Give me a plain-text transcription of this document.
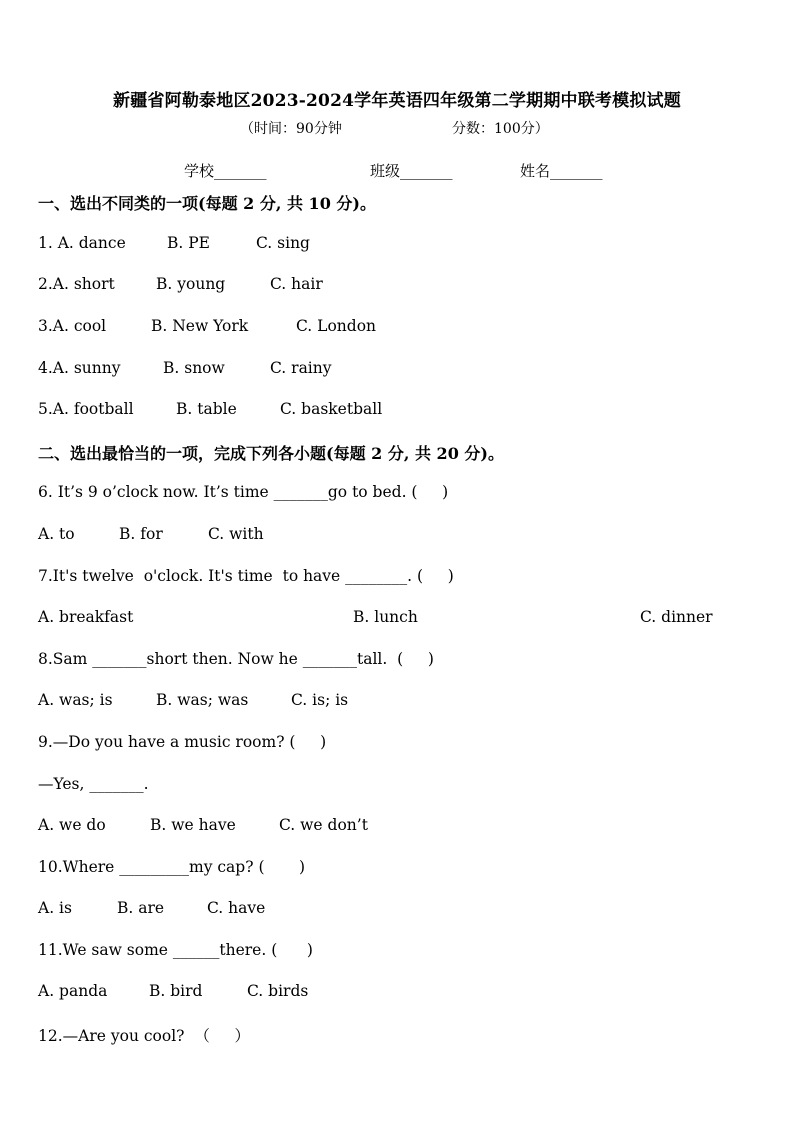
新疆省阿勒泰地区2023-2024学年英语四年级第二学期期中联考模拟试题
（时间：90分钟	分数：100分）
学校_______	班级_______	姓名_______
一、选出不同类的一项(每题 2 分, 共 10 分)。
1. A. dance	B. PE	C. sing
2.A. short	B. young	C. hair
3.A. cool	B. New York	C. London
4.A. sunny	B. snow	C. rainy
5.A. football	B. table	C. basketball
二、选出最恰当的一项，完成下列各小题(每题 2 分, 共 20 分)。
6. It’s 9 o’clock now. It’s time _______go to bed. (     )
A. to	B. for	C. with
7.It's twelve  o'clock. It's time  to have ________. (     )
A. breakfast	B. lunch	C. dinner
8.Sam _______short then. Now he _______tall.  (     )
A. was; is	B. was; was	C. is; is
9.—Do you have a music room? (     )
—Yes, _______.
A. we do	B. we have	C. we don’t
10.Where _________my cap? (       )
A. is	B. are	C. have
11.We saw some ______there. (      )
A. panda	B. bird	C. birds
12.—Are you cool?  （     ）
